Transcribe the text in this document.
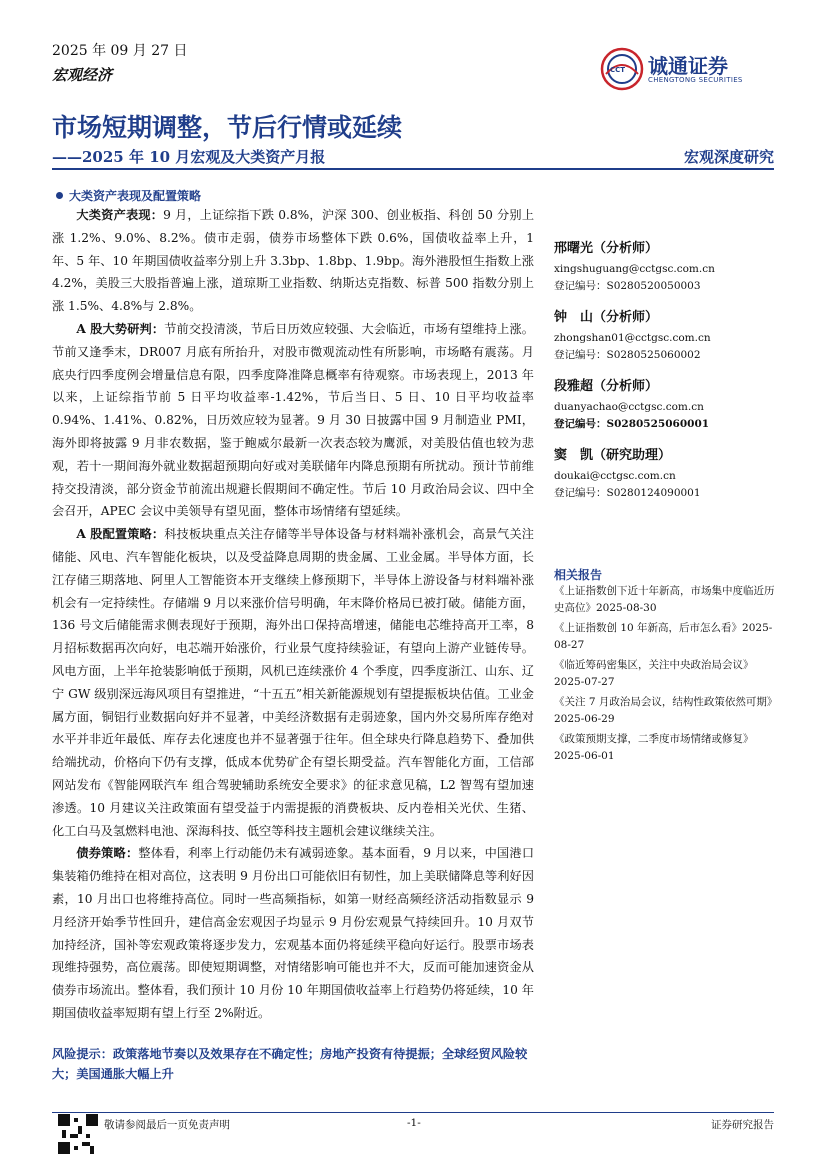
2025 年 09 月 27 日
宏观经济	CCT 诚通证券
CHENGTONG SECURITIES
市场短期调整，节后行情或延续
——2025 年 10 月宏观及大类资产月报	宏观深度研究
大类资产表现及配置策略

大类资产表现：9 月，上证综指下跌 0.8%，沪深 300、创业板指、科创 50 分别上涨 1.2%、9.0%、8.2%。债市走弱，债券市场整体下跌 0.6%，国债收益率上升，1 年、5 年、10 年期国债收益率分别上升 3.3bp、1.8bp、1.9bp。海外港股恒生指数上涨 4.2%，美股三大股指普遍上涨，道琼斯工业指数、纳斯达克指数、标普 500 指数分别上涨 1.5%、4.8%与 2.8%。

A 股大势研判：节前交投清淡，节后日历效应较强、大会临近，市场有望维持上涨。节前又逢季末，DR007 月底有所抬升，对股市微观流动性有所影响，市场略有震荡。月底央行四季度例会增量信息有限，四季度降准降息概率有待观察。市场表现上，2013 年以来，上证综指节前 5 日平均收益率-1.42%，节后当日、5 日、10 日平均收益率 0.94%、1.41%、0.82%，日历效应较为显著。9 月 30 日披露中国 9 月制造业 PMI，海外即将披露 9 月非农数据，鉴于鲍威尔最新一次表态较为鹰派，对美股估值也较为悲观，若十一期间海外就业数据超预期向好或对美联储年内降息预期有所扰动。预计节前维持交投清淡，部分资金节前流出规避长假期间不确定性。节后 10 月政治局会议、四中全会召开，APEC 会议中美领导有望见面，整体市场情绪有望延续。

A 股配置策略：科技板块重点关注存储等半导体设备与材料端补涨机会，高景气关注储能、风电、汽车智能化板块，以及受益降息周期的贵金属、工业金属。半导体方面，长江存储三期落地、阿里人工智能资本开支继续上修预期下，半导体上游设备与材料端补涨机会有一定持续性。存储端 9 月以来涨价信号明确，年末降价格局已被打破。储能方面，136 号文后储能需求侧表现好于预期，海外出口保持高增速，储能电芯维持高开工率，8 月招标数据再次向好，电芯端开始涨价，行业景气度持续验证，有望向上游产业链传导。风电方面，上半年抢装影响低于预期，风机已连续涨价 4 个季度，四季度浙江、山东、辽宁 GW 级别深远海风项目有望推进，“十五五”相关新能源规划有望提振板块估值。工业金属方面，铜铝行业数据向好并不显著，中美经济数据有走弱迹象，国内外交易所库存绝对水平并非近年最低、库存去化速度也并不显著强于往年。但全球央行降息趋势下、叠加供给端扰动，价格向下仍有支撑，低成本优势矿企有望长期受益。汽车智能化方面，工信部网站发布《智能网联汽车 组合驾驶辅助系统安全要求》的征求意见稿，L2 智驾有望加速渗透。10 月建议关注政策面有望受益于内需提振的消费板块、反内卷相关光伏、生猪、化工白马及氢燃料电池、深海科技、低空等科技主题机会建议继续关注。

债券策略：整体看，利率上行动能仍未有减弱迹象。基本面看，9 月以来，中国港口集装箱仍维持在相对高位，这表明 9 月份出口可能依旧有韧性，加上美联储降息等利好因素，10 月出口也将维持高位。同时一些高频指标，如第一财经高频经济活动指数显示 9 月经济开始季节性回升，建信高金宏观因子均显示 9 月份宏观景气持续回升。10 月双节加持经济，国补等宏观政策将逐步发力，宏观基本面仍将延续平稳向好运行。股票市场表现维持强势，高位震荡。即使短期调整，对情绪影响可能也并不大，反而可能加速资金从债券市场流出。整体看，我们预计 10 月份 10 年期国债收益率上行趋势仍将延续，10 年期国债收益率短期有望上行至 2%附近。

风险提示：政策落地节奏以及效果存在不确定性；房地产投资有待提振；全球经贸风险较大；美国通胀大幅上升
邢曙光（分析师）
xingshuguang@cctgsc.com.cn
登记编号：S0280520050003
钟　山（分析师）
zhongshan01@cctgsc.com.cn
登记编号：S0280525060002
段雅超（分析师）
duanyachao@cctgsc.com.cn
登记编号：S0280525060001
窦　凯（研究助理）
doukai@cctgsc.com.cn
登记编号：S0280124090001
相关报告
《上证指数创下近十年新高，市场集中度临近历史高位》2025-08-30
《上证指数创 10 年新高，后市怎么看》2025-08-27
《临近筹码密集区，关注中央政治局会议》2025-07-27
《关注 7 月政治局会议，结构性政策依然可期》2025-06-29
《政策预期支撑，二季度市场情绪或修复》2025-06-01
敬请参阅最后一页免责声明	-1-	证券研究报告
